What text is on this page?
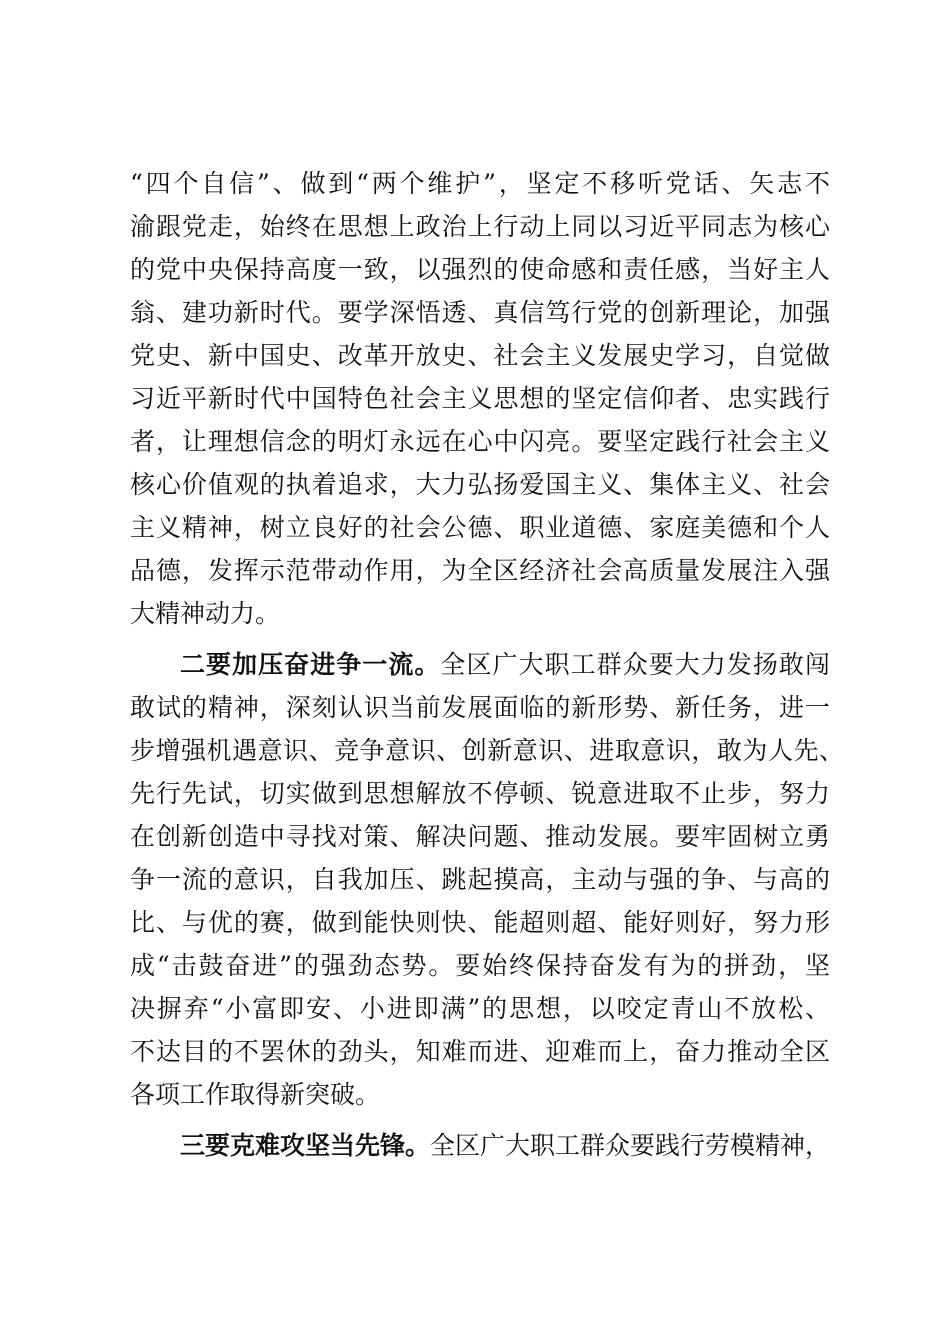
“四个自信”、做到“两个维护”，坚定不移听党话、矢志不
渝跟党走，始终在思想上政治上行动上同以习近平同志为核心
的党中央保持高度一致，以强烈的使命感和责任感，当好主人
翁、建功新时代。要学深悟透、真信笃行党的创新理论，加强
党史、新中国史、改革开放史、社会主义发展史学习，自觉做
习近平新时代中国特色社会主义思想的坚定信仰者、忠实践行
者，让理想信念的明灯永远在心中闪亮。要坚定践行社会主义
核心价值观的执着追求，大力弘扬爱国主义、集体主义、社会
主义精神，树立良好的社会公德、职业道德、家庭美德和个人
品德，发挥示范带动作用，为全区经济社会高质量发展注入强
大精神动力。
二要加压奋进争一流。全区广大职工群众要大力发扬敢闯
敢试的精神，深刻认识当前发展面临的新形势、新任务，进一
步增强机遇意识、竞争意识、创新意识、进取意识，敢为人先、
先行先试，切实做到思想解放不停顿、锐意进取不止步，努力
在创新创造中寻找对策、解决问题、推动发展。要牢固树立勇
争一流的意识，自我加压、跳起摸高，主动与强的争、与高的
比、与优的赛，做到能快则快、能超则超、能好则好，努力形
成“击鼓奋进”的强劲态势。要始终保持奋发有为的拼劲，坚
决摒弃“小富即安、小进即满”的思想，以咬定青山不放松、
不达目的不罢休的劲头，知难而进、迎难而上，奋力推动全区
各项工作取得新突破。
三要克难攻坚当先锋。全区广大职工群众要践行劳模精神，
